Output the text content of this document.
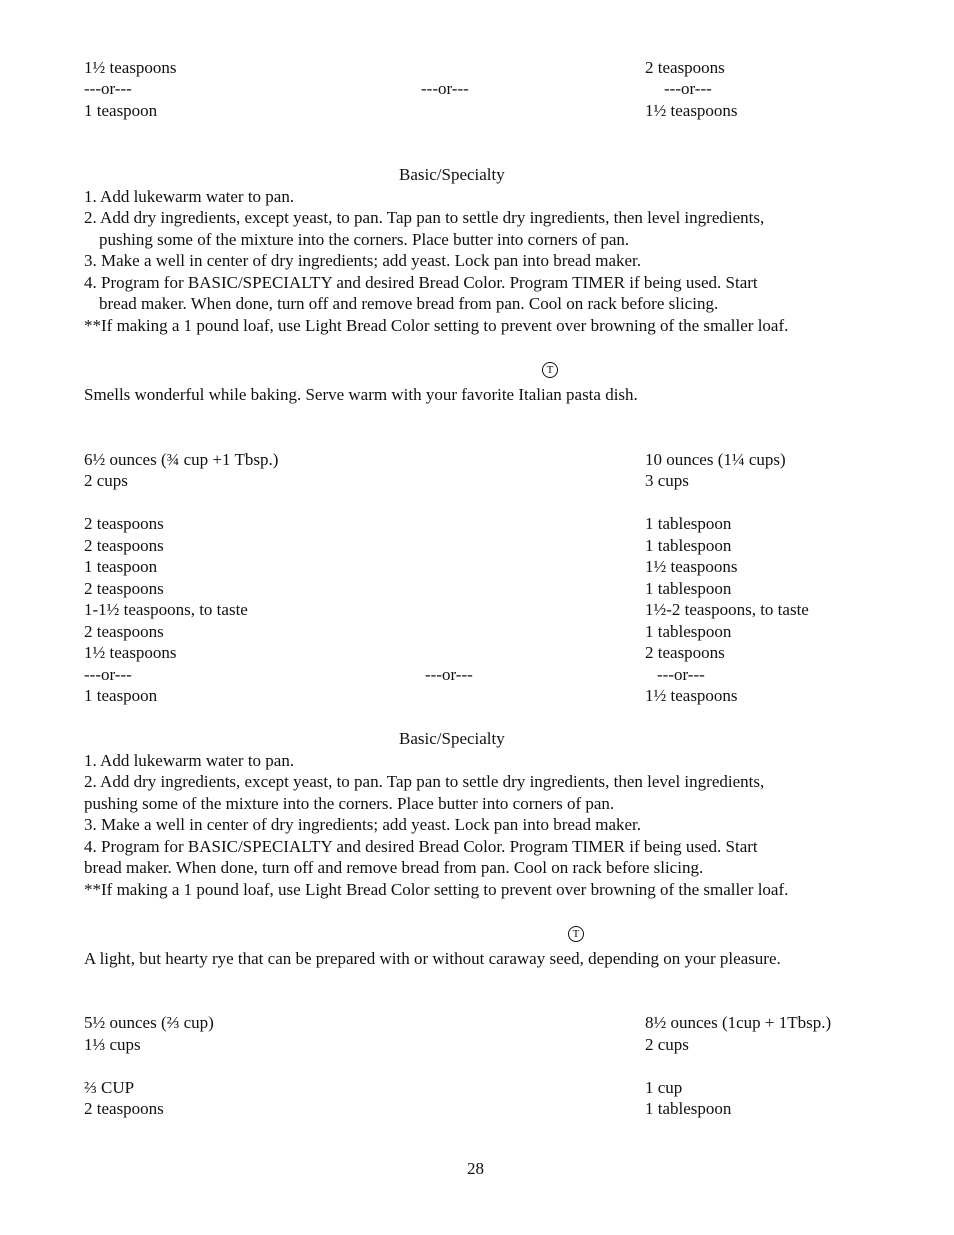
1½ teaspoons
---or---
1 teaspoon
---or---
2 teaspoons
---or---
1½ teaspoons
Basic/Specialty
1. Add lukewarm water to pan.
2. Add dry ingredients, except yeast, to pan. Tap pan to settle dry ingredients, then level ingredients,
pushing some of the mixture into the corners. Place butter into corners of pan.
3. Make a well in center of dry ingredients; add yeast. Lock pan into bread maker.
4. Program for BASIC/SPECIALTY and desired Bread Color. Program TIMER if being used. Start
bread maker. When done, turn off and remove bread from pan. Cool on rack before slicing.
**If making a 1 pound loaf, use Light Bread Color setting to prevent over browning of the smaller loaf.
T
Smells wonderful while baking. Serve warm with your favorite Italian pasta dish.
6½ ounces (¾ cup +1 Tbsp.)
2 cups
2 teaspoons
2 teaspoons
1 teaspoon
2 teaspoons
1-1½ teaspoons, to taste
2 teaspoons
1½ teaspoons
---or---
1 teaspoon
---or---
10 ounces (1¼ cups)
3 cups
1 tablespoon
1 tablespoon
1½ teaspoons
1 tablespoon
1½-2 teaspoons, to taste
1 tablespoon
2 teaspoons
---or---
1½ teaspoons
Basic/Specialty
1. Add lukewarm water to pan.
2. Add dry ingredients, except yeast, to pan. Tap pan to settle dry ingredients, then level ingredients,
pushing some of the mixture into the corners. Place butter into corners of pan.
3. Make a well in center of dry ingredients; add yeast. Lock pan into bread maker.
4. Program for BASIC/SPECIALTY and desired Bread Color. Program TIMER if being used. Start
bread maker. When done, turn off and remove bread from pan. Cool on rack before slicing.
**If making a 1 pound loaf, use Light Bread Color setting to prevent over browning of the smaller loaf.
T
A light, but hearty rye that can be prepared with or without caraway seed, depending on your pleasure.
5½ ounces (⅔ cup)
1⅓ cups
⅔ CUP
2 teaspoons
8½ ounces (1cup + 1Tbsp.)
2 cups
1 cup
1 tablespoon
28
